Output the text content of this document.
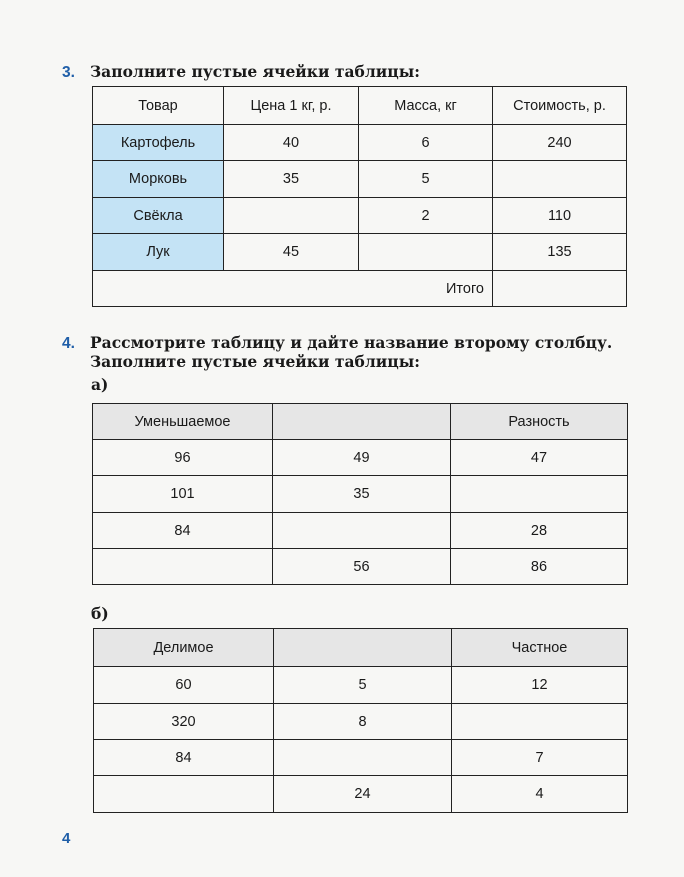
3. Заполните пустые ячейки таблицы:
Товар	Цена 1 кг, р.	Масса, кг	Стоимость, р.
Картофель	40	6	240
Морковь	35	5	
Свёкла		2	110
Лук	45		135
Итого			
4. Рассмотрите таблицу и дайте название второму столбцу.
Заполните пустые ячейки таблицы:
а)
Уменьшаемое		Разность
96	49	47
101	35	
84		28
	56	86
б)
Делимое		Частное
60	5	12
320	8	
84		7
	24	4
4
